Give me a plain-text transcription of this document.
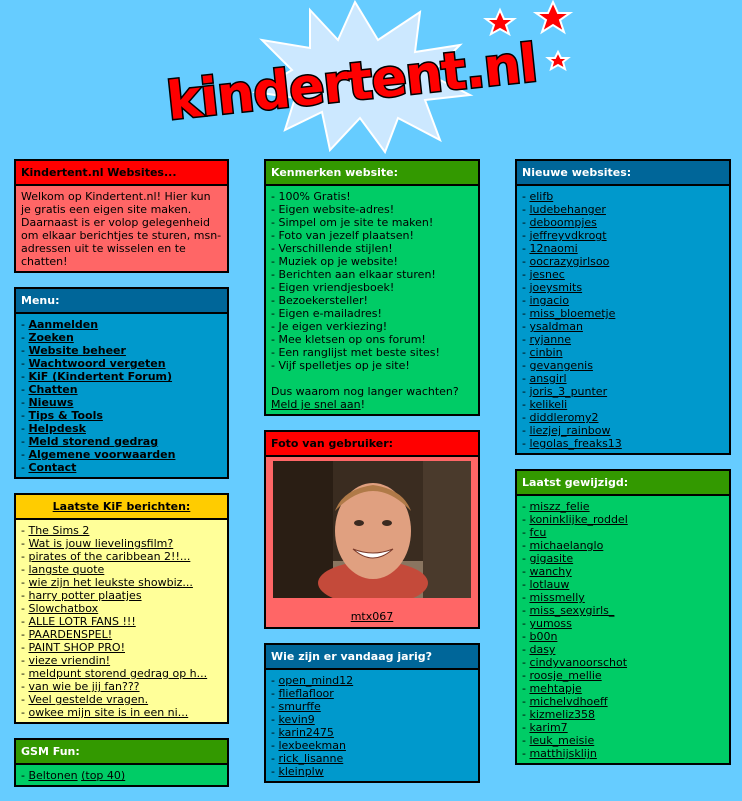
kindertent.nl
Kindertent.nl Websites...
Welkom op Kindertent.nl! Hier kun je gratis een eigen site maken. Daarnaast is er volop gelegenheid om elkaar berichtjes te sturen, msn-adressen uit te wisselen en te chatten!
Menu:
- Aanmelden
- Zoeken
- Website beheer
- Wachtwoord vergeten
- KiF (Kindertent Forum)
- Chatten
- Nieuws
- Tips & Tools
- Helpdesk
- Meld storend gedrag
- Algemene voorwaarden
- Contact
Laatste KiF berichten:
- The Sims 2
- Wat is jouw lievelingsfilm?
- pirates of the caribbean 2!!...
- langste quote
- wie zijn het leukste showbiz...
- harry potter plaatjes
- Slowchatbox
- ALLE LOTR FANS !!!
- PAARDENSPEL!
- PAINT SHOP PRO!
- vieze vriendin!
- meldpunt storend gedrag op h...
- van wie be jij fan???
- Veel gestelde vragen.
- owkee mijn site is in een ni...
GSM Fun:
- Beltonen (top 40)
Kenmerken website:
- 100% Gratis!
- Eigen website-adres!
- Simpel om je site te maken!
- Foto van jezelf plaatsen!
- Verschillende stijlen!
- Muziek op je website!
- Berichten aan elkaar sturen!
- Eigen vriendjesboek!
- Bezoekersteller!
- Eigen e-mailadres!
- Je eigen verkiezing!
- Mee kletsen op ons forum!
- Een ranglijst met beste sites!
- Vijf spelletjes op je site!
Dus waarom nog langer wachten?
Meld je snel aan!
Foto van gebruiker:
mtx067
Wie zijn er vandaag jarig?
- open_mind12
- flieflafloor
- smurffe
- kevin9
- karin2475
- lexbeekman
- rick_lisanne
- kleinplw
Nieuwe websites:
- elifb
- ludebehanger
- deboompjes
- jeffreyvdkrogt
- 12naomi
- oocrazygirlsoo
- jesnec
- joeysmits
- ingacio
- miss_bloemetje
- ysaldman
- ryjanne
- cinbin
- gevangenis
- ansgirl
- joris_3_punter
- kelikeli
- diddleromy2
- liezjej_rainbow
- legolas_freaks13
Laatst gewijzigd:
- miszz_felie
- koninklijke_roddel
- fcu
- michaelanglo
- gigasite
- wanchy
- lotlauw
- missmelly
- miss_sexygirls_
- yumoss
- b00n
- dasy
- cindyvanoorschot
- roosje_mellie
- mehtapje
- michelvdhoeff
- kizmeliz358
- karim7
- leuk_meisie
- matthijsklijn
